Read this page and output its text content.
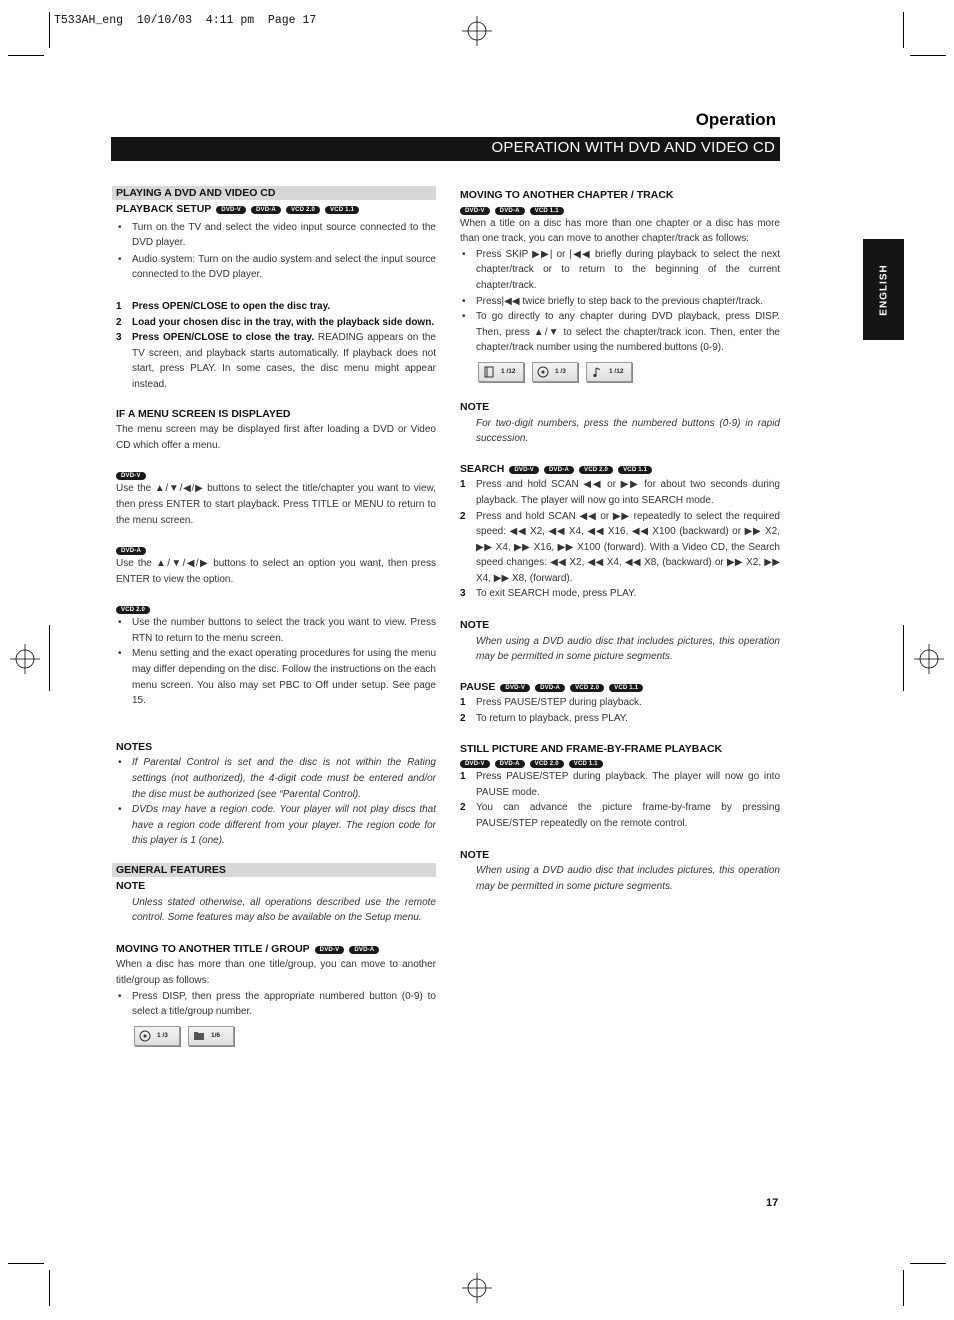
T533AH_eng  10/10/03  4:11 pm  Page 17
Operation
OPERATION WITH DVD AND VIDEO CD
ENGLISH
PLAYING A DVD AND VIDEO CD
PLAYBACK SETUP	DVD-V	DVD-A	VCD 2.0	VCD 1.1
• Turn on the TV and select the video input source connected to the DVD player.
• Audio system: Turn on the audio system and select the input source connected to the DVD player.
1 Press OPEN/CLOSE to open the disc tray.
2 Load your chosen disc in the tray, with the playback side down.
3 Press OPEN/CLOSE to close the tray. READING appears on the TV screen, and playback starts automatically. If playback does not start, press PLAY. In some cases, the disc menu might appear instead.
IF A MENU SCREEN IS DISPLAYED

The menu screen may be displayed first after loading a DVD or Video CD which offer a menu.

DVD-V

Use the ▲/▼/◀/▶ buttons to select the title/chapter you want to view, then press ENTER to start playback. Press TITLE or MENU to return to the menu screen.

DVD-A

Use the ▲/▼/◀/▶ buttons to select an option you want, then press ENTER to view the option.

VCD 2.0
• Use the number buttons to select the track you want to view. Press RTN to return to the menu screen.
• Menu setting and the exact operating procedures for using the menu may differ depending on the disc. Follow the instructions on the each menu screen. You also may set PBC to Off under setup. See page 15.
NOTES
• If Parental Control is set and the disc is not within the Rating settings (not authorized), the 4-digit code must be entered and/or the disc must be authorized (see “Parental Control).
• DVDs may have a region code. Your player will not play discs that have a region code different from your player. The region code for this player is 1 (one).
GENERAL FEATURES
NOTE

Unless stated otherwise, all operations described use the remote control. Some features may also be available on the Setup menu.

MOVING TO ANOTHER TITLE / GROUP	DVD-V	DVD-A

When a disc has more than one title/group, you can move to another title/group as follows:

• Press DISP, then press the appropriate numbered button (0-9) to select a title/group number.
1 /3	1/6
MOVING TO ANOTHER CHAPTER / TRACK
DVD-V	DVD-A	VCD 1.1

When a title on a disc has more than one chapter or a disc has more than one track, you can move to another chapter/track as follows:

• Press SKIP ▶▶| or |◀◀ briefly during playback to select the next chapter/track or to return to the beginning of the current chapter/track.
• Press|◀◀ twice briefly to step back to the previous chapter/track.
• To go directly to any chapter during DVD playback, press DISP. Then, press ▲/▼ to select the chapter/track icon. Then, enter the chapter/track number using the numbered buttons (0-9).
1 /12	1 /3	1 /12
NOTE

For two-digit numbers, press the numbered buttons (0-9) in rapid succession.

SEARCH	DVD-V	DVD-A	VCD 2.0	VCD 1.1
1 Press and hold SCAN ◀◀ or ▶▶ for about two seconds during playback. The player will now go into SEARCH mode.
2 Press and hold SCAN ◀◀ or ▶▶ repeatedly to select the required speed: ◀◀ X2, ◀◀ X4, ◀◀ X16, ◀◀ X100 (backward) or ▶▶ X2, ▶▶ X4, ▶▶ X16, ▶▶ X100 (forward). With a Video CD, the Search speed changes: ◀◀ X2, ◀◀ X4, ◀◀ X8, (backward) or ▶▶ X2, ▶▶ X4, ▶▶ X8, (forward).
3 To exit SEARCH mode, press PLAY.
NOTE

When using a DVD audio disc that includes pictures, this operation may be permitted in some picture segments.

PAUSE	DVD-V	DVD-A	VCD 2.0	VCD 1.1
1 Press PAUSE/STEP during playback.
2 To return to playback, press PLAY.
STILL PICTURE AND FRAME-BY-FRAME PLAYBACK
DVD-V	DVD-A	VCD 2.0	VCD 1.1
1 Press PAUSE/STEP during playback. The player will now go into PAUSE mode.
2 You can advance the picture frame-by-frame by pressing PAUSE/STEP repeatedly on the remote control.
NOTE

When using a DVD audio disc that includes pictures, this operation may be permitted in some picture segments.

17
